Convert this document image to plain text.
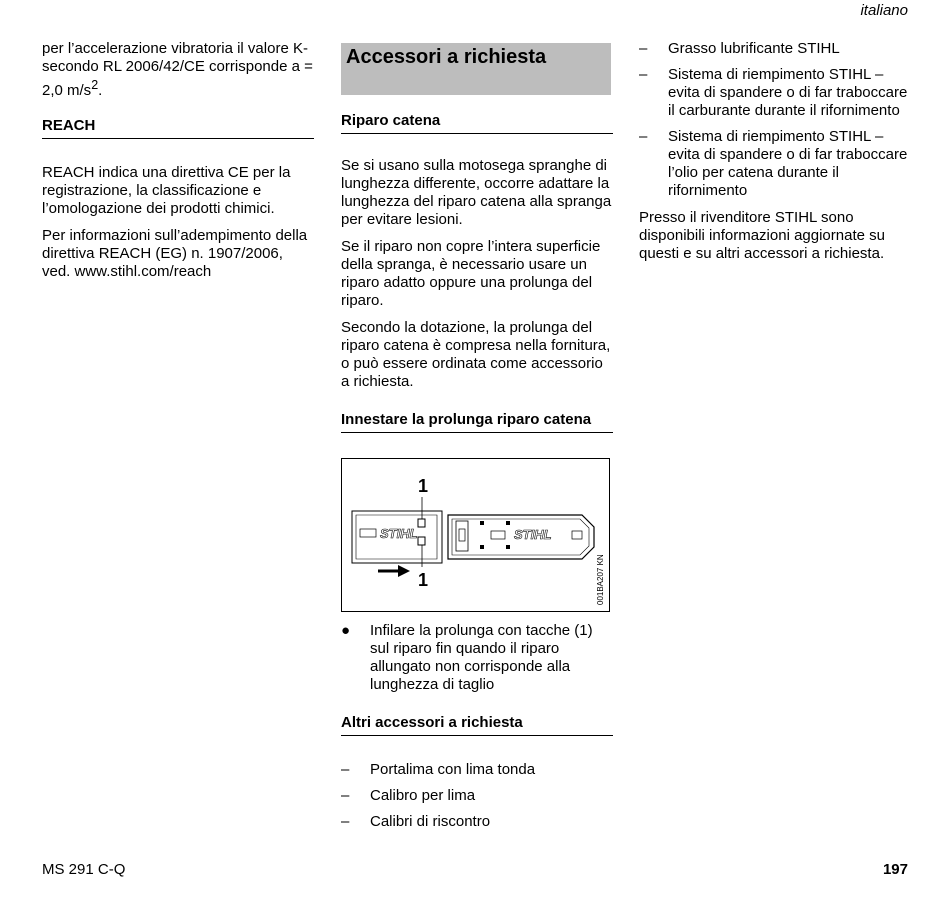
italiano

per l’accelerazione vibratoria il valore K-secondo RL 2006/42/CE corrisponde a = 2,0 $m/s^2$.

REACH

REACH indica una direttiva CE per la registrazione, la classificazione e l’omologazione dei prodotti chimici.

Per informazioni sull’adempimento della direttiva REACH (EG) n. 1907/2006, ved. www.stihl.com/reach

Accessori a richiesta
Riparo catena

Se si usano sulla motosega spranghe di lunghezza differente, occorre adattare la lunghezza del riparo catena alla spranga per evitare lesioni.

Se il riparo non copre l’intera superficie della spranga, è necessario usare un riparo adatto oppure una prolunga del riparo.

Secondo la dotazione, la prolunga del riparo catena è compresa nella fornitura, o può essere ordinata come accessorio a richiesta.

Innestare la prolunga riparo catena
STIHL	STIHL
1
1	001BA207 KN
● Infilare la prolunga con tacche (1) sul riparo fin quando il riparo allungato non corrisponde alla lunghezza di taglio
Altri accessori a richiesta
– Portalima con lima tonda
– Calibro per lima
– Calibri di riscontro
– Grasso lubrificante STIHL
– Sistema di riempimento STIHL – evita di spandere o di far traboccare il carburante durante il rifornimento
– Sistema di riempimento STIHL – evita di spandere o di far traboccare l’olio per catena durante il rifornimento

Presso il rivenditore STIHL sono disponibili informazioni aggiornate su questi e su altri accessori a richiesta.

MS 291 C-Q	197
